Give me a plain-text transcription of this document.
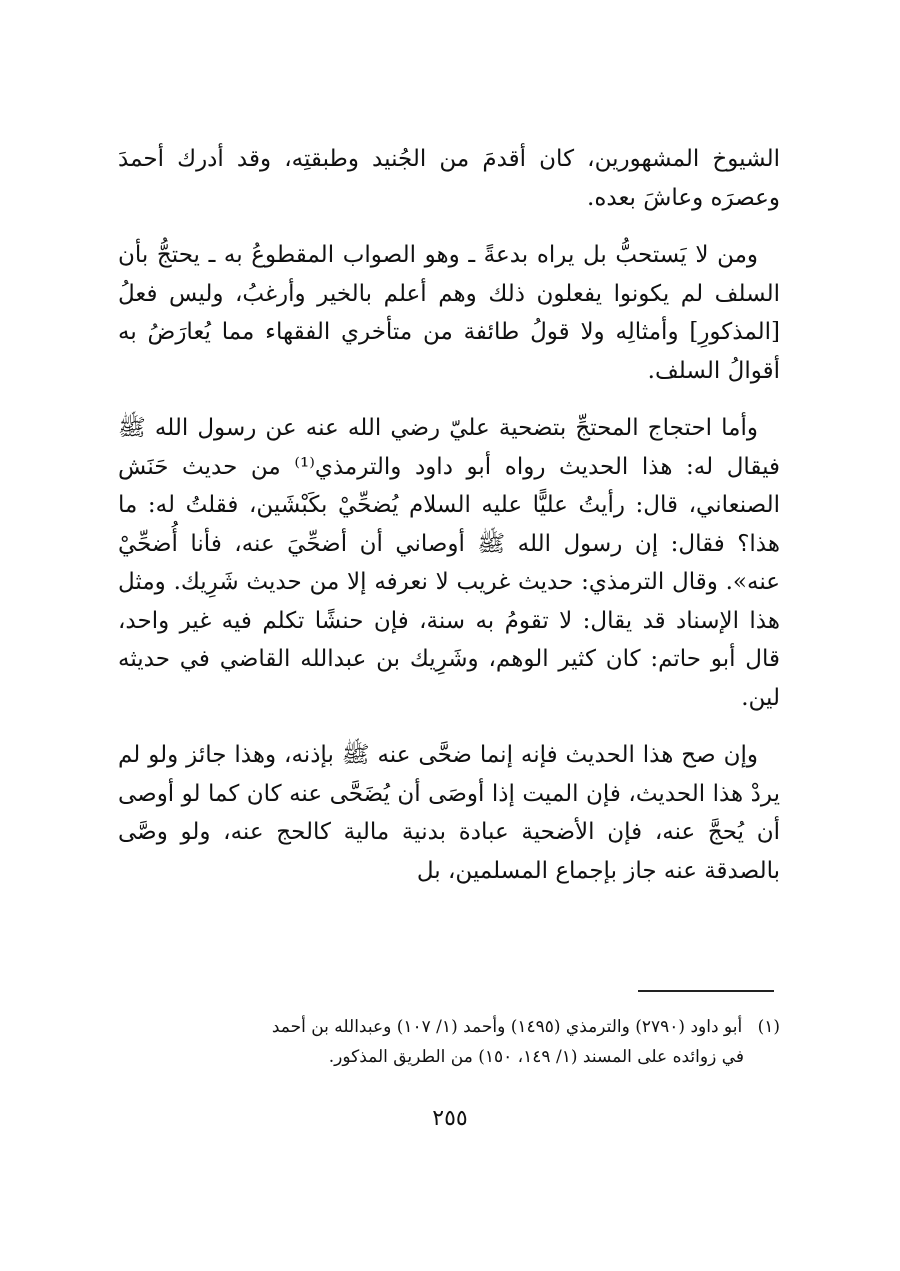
الشيوخ المشهورين، كان أقدمَ من الجُنيد وطبقتِه، وقد أدرك أحمدَ وعصرَه وعاشَ بعده.

ومن لا يَستحبُّ بل يراه بدعةً ـ وهو الصواب المقطوعُ به ـ يحتجُّ بأن السلف لم يكونوا يفعلون ذلك وهم أعلم بالخير وأرغبُ، وليس فعلُ [المذكورِ] وأمثالِه ولا قولُ طائفة من متأخري الفقهاء مما يُعارَضُ به أقوالُ السلف.

وأما احتجاج المحتجِّ بتضحية عليّ رضي الله عنه عن رسول الله ﷺ فيقال له: هذا الحديث رواه أبو داود والترمذي⁽¹⁾ من حديث حَنَش الصنعاني، قال: رأيتُ عليًّا عليه السلام يُضحِّيْ بكَبْشَين، فقلتُ له: ما هذا؟ فقال: إن رسول الله ﷺ أوصاني أن أضحِّيَ عنه، فأنا أُضحِّيْ عنه». وقال الترمذي: حديث غريب لا نعرفه إلا من حديث شَرِيك. ومثل هذا الإسناد قد يقال: لا تقومُ به سنة، فإن حنشًا تكلم فيه غير واحد، قال أبو حاتم: كان كثير الوهم، وشَرِيك بن عبدالله القاضي في حديثه لين.

وإن صح هذا الحديث فإنه إنما ضحَّى عنه ﷺ بإذنه، وهذا جائز ولو لم يردْ هذا الحديث، فإن الميت إذا أوصَى أن يُضَحَّى عنه كان كما لو أوصى أن يُحجَّ عنه، فإن الأضحية عبادة بدنية مالية كالحج عنه، ولو وصَّى بالصدقة عنه جاز بإجماع المسلمين، بل

(١) أبو داود (٢٧٩٠) والترمذي (١٤٩٥) وأحمد (١/ ١٠٧) وعبدالله بن أحمد
في زوائده على المسند (١/ ١٤٩، ١٥٠) من الطريق المذكور.
٢٥٥
